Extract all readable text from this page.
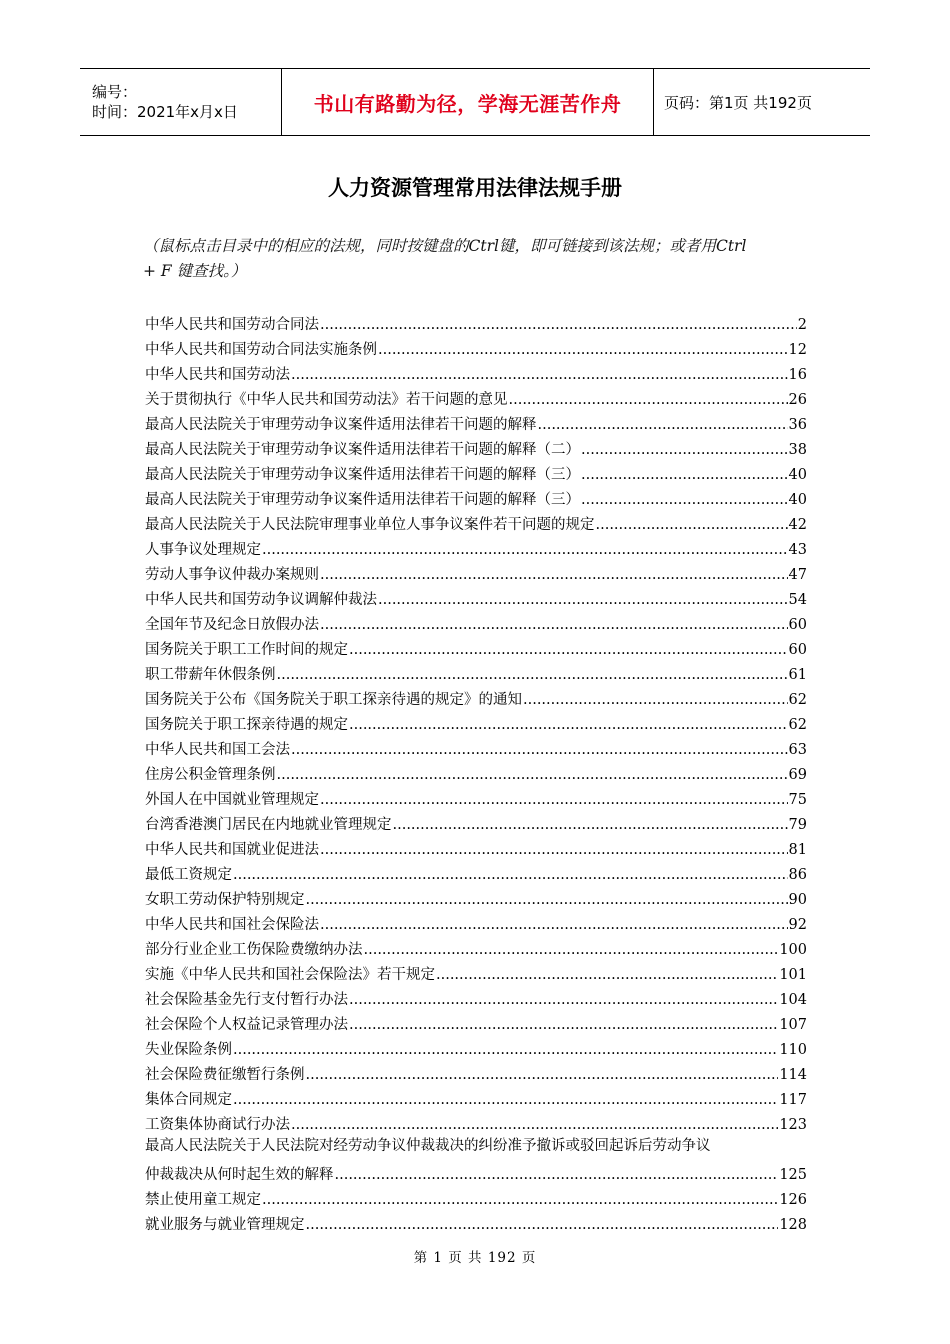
编号：
时间：2021年x月x日	书山有路勤为径，学海无涯苦作舟	页码：第1页 共192页
人力资源管理常用法律法规手册
（鼠标点击目录中的相应的法规，同时按键盘的Ctrl键，即可链接到该法规；或者用Ctrl
+ F 键查找。）
中华人民共和国劳动合同法 .....	2
中华人民共和国劳动合同法实施条例 .....	12
中华人民共和国劳动法 .....	16
关于贯彻执行《中华人民共和国劳动法》若干问题的意见 .....	26
最高人民法院关于审理劳动争议案件适用法律若干问题的解释 .....	36
最高人民法院关于审理劳动争议案件适用法律若干问题的解释（二） .....	38
最高人民法院关于审理劳动争议案件适用法律若干问题的解释（三） .....	40
最高人民法院关于审理劳动争议案件适用法律若干问题的解释（三） .....	40
最高人民法院关于人民法院审理事业单位人事争议案件若干问题的规定 .....	42
人事争议处理规定 .....	43
劳动人事争议仲裁办案规则 .....	47
中华人民共和国劳动争议调解仲裁法 .....	54
全国年节及纪念日放假办法 .....	60
国务院关于职工工作时间的规定 .....	60
职工带薪年休假条例 .....	61
国务院关于公布《国务院关于职工探亲待遇的规定》的通知 .....	62
国务院关于职工探亲待遇的规定 .....	62
中华人民共和国工会法 .....	63
住房公积金管理条例 .....	69
外国人在中国就业管理规定 .....	75
台湾香港澳门居民在内地就业管理规定 .....	79
中华人民共和国就业促进法 .....	81
最低工资规定 .....	86
女职工劳动保护特别规定 .....	90
中华人民共和国社会保险法 .....	92
部分行业企业工伤保险费缴纳办法 .....	100
实施《中华人民共和国社会保险法》若干规定 .....	101
社会保险基金先行支付暂行办法 .....	104
社会保险个人权益记录管理办法 .....	107
失业保险条例 .....	110
社会保险费征缴暂行条例 .....	114
集体合同规定 .....	117
工资集体协商试行办法 .....	123
最高人民法院关于人民法院对经劳动争议仲裁裁决的纠纷准予撤诉或驳回起诉后劳动争议
仲裁裁决从何时起生效的解释 .....	125
禁止使用童工规定 .....	126
就业服务与就业管理规定 .....	128
第 1 页 共 192 页
